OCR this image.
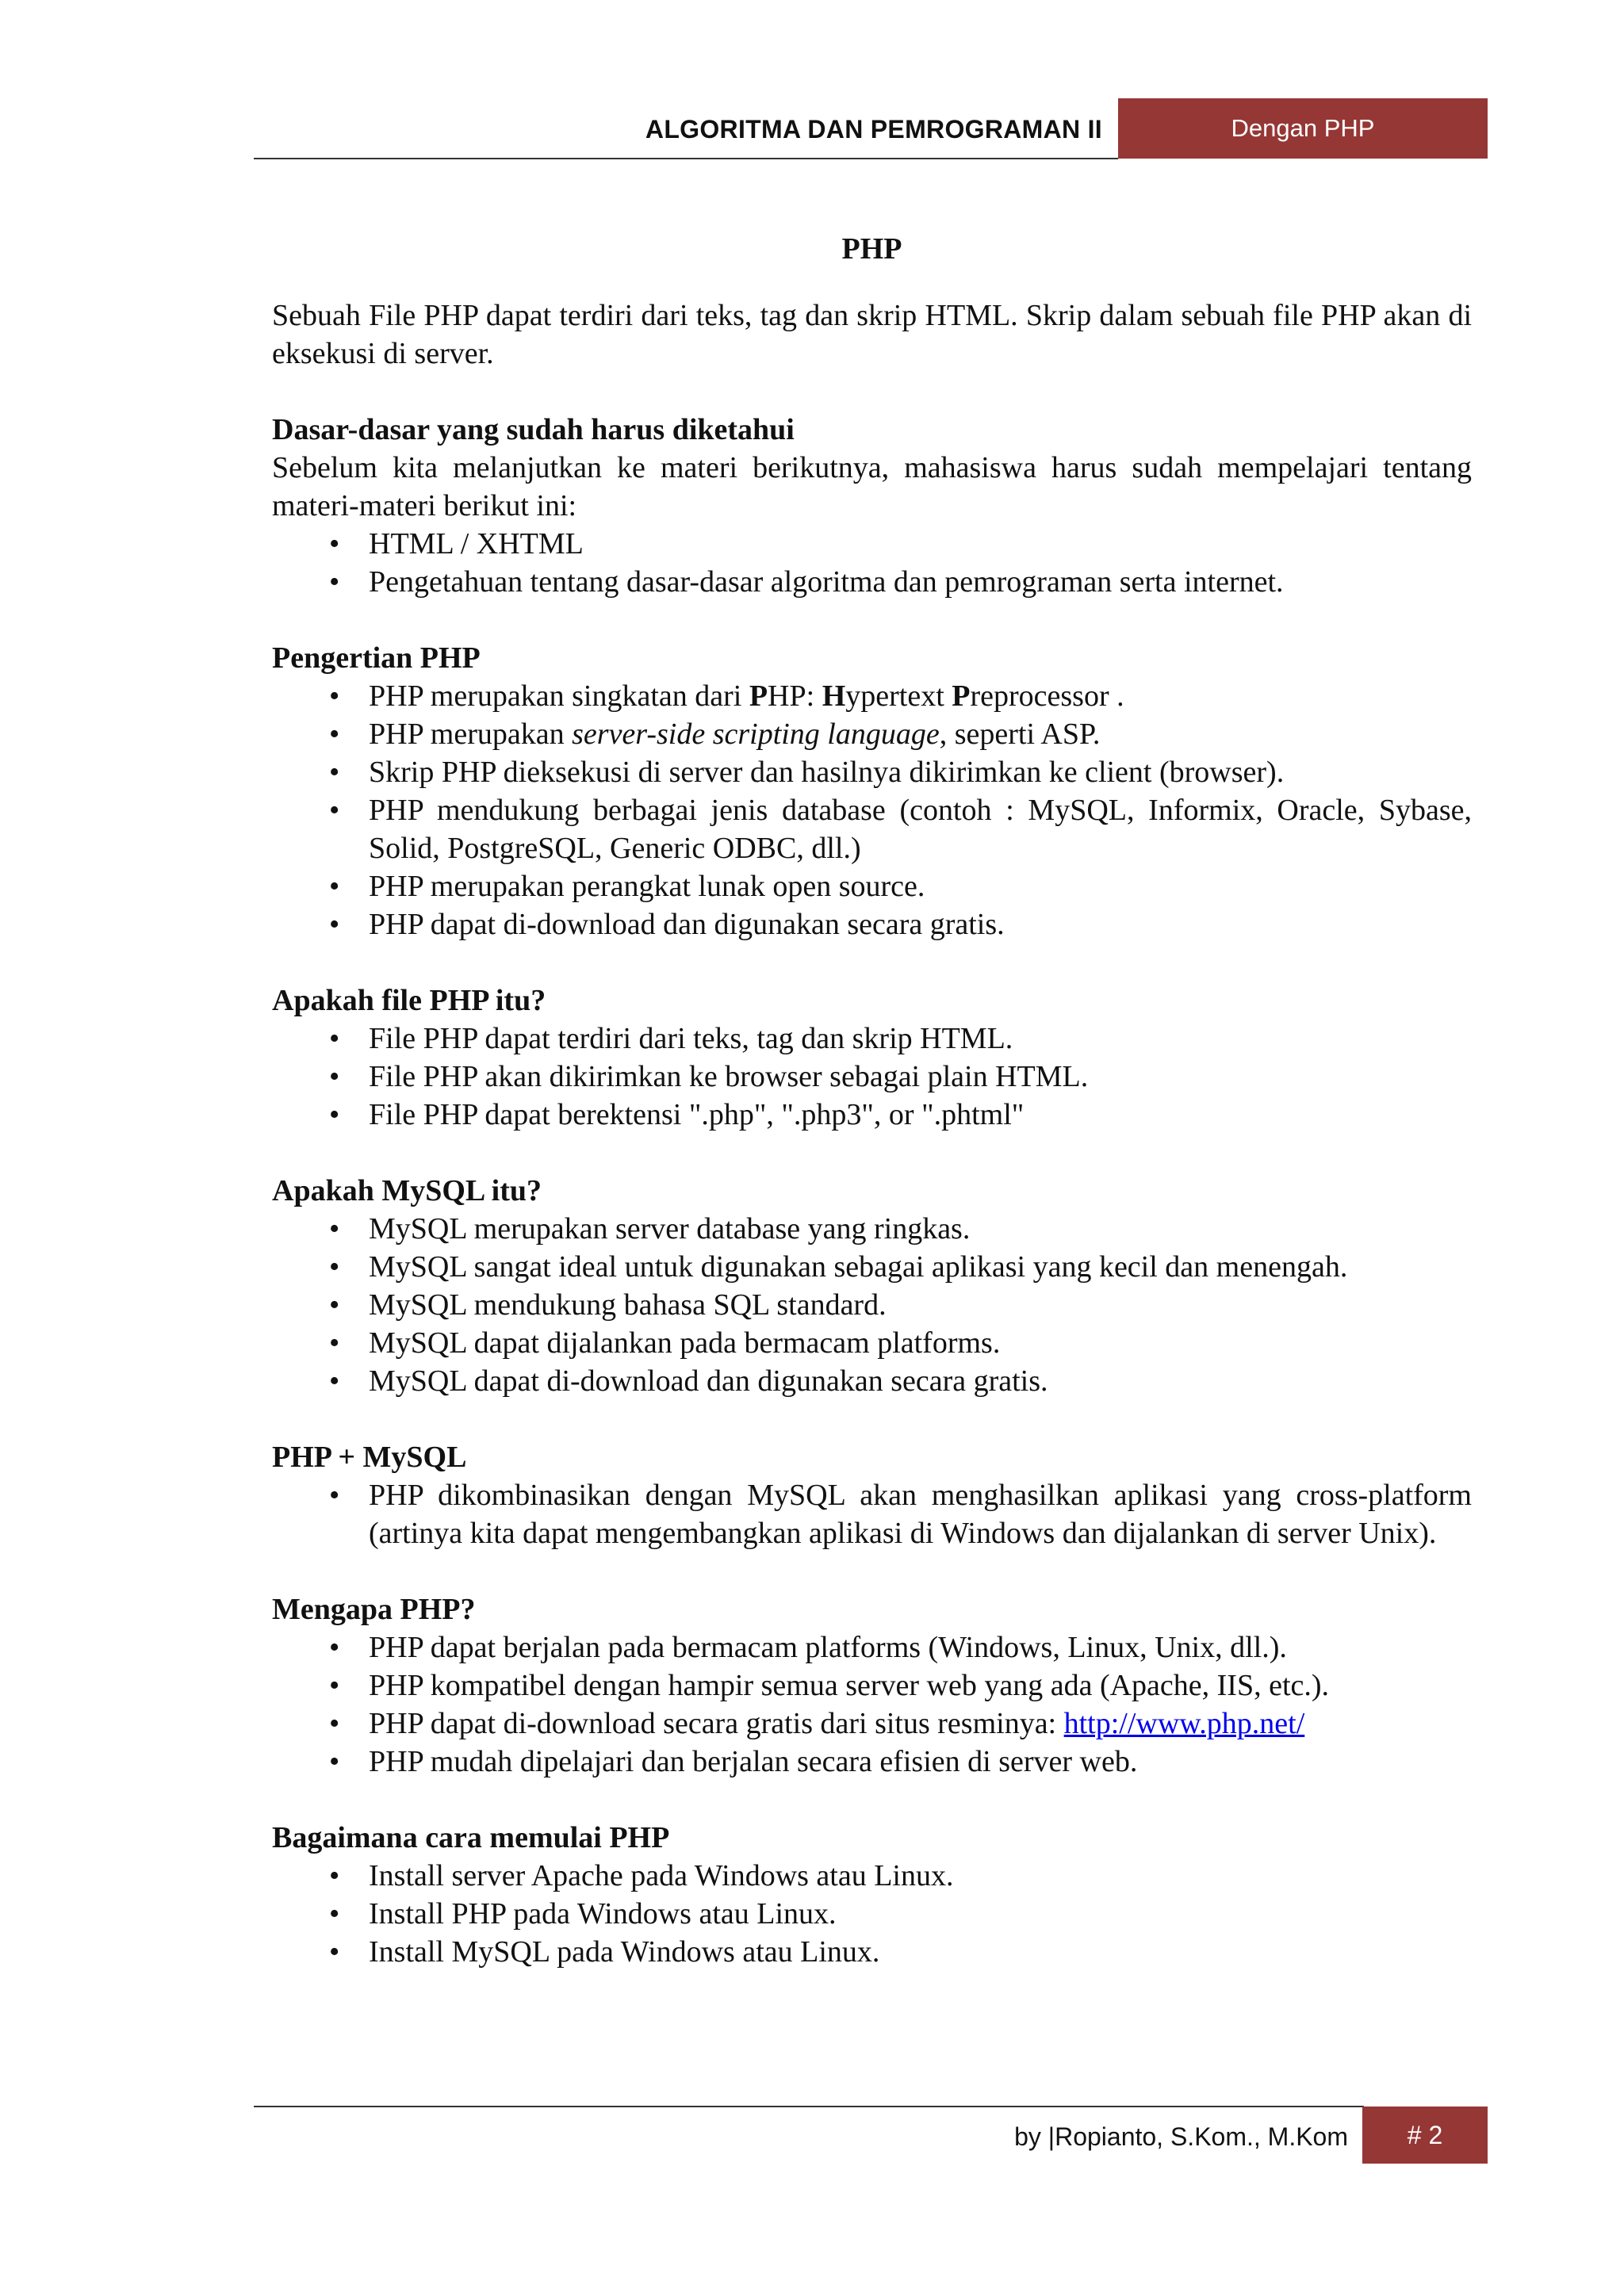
ALGORITMA DAN PEMROGRAMAN II	Dengan PHP
PHP

Sebuah File PHP dapat terdiri dari teks, tag dan skrip HTML. Skrip dalam sebuah file PHP akan di eksekusi di server.

Dasar-dasar yang sudah harus diketahui

Sebelum kita melanjutkan ke materi berikutnya, mahasiswa harus sudah mempelajari tentang materi-materi berikut ini:

• HTML / XHTML
• Pengetahuan tentang dasar-dasar algoritma dan pemrograman serta internet.
Pengertian PHP
• PHP merupakan singkatan dari PHP: Hypertext Preprocessor .
• PHP merupakan server-side scripting language, seperti ASP.
• Skrip PHP dieksekusi di server dan hasilnya dikirimkan ke client (browser).
• PHP mendukung berbagai jenis database (contoh : MySQL, Informix, Oracle, Sybase, Solid, PostgreSQL, Generic ODBC, dll.)
• PHP merupakan perangkat lunak open source.
• PHP dapat di-download dan digunakan secara gratis.
Apakah file PHP itu?
• File PHP dapat terdiri dari teks, tag dan skrip HTML.
• File PHP akan dikirimkan ke browser sebagai plain HTML.
• File PHP dapat berektensi ".php", ".php3", or ".phtml"
Apakah MySQL itu?
• MySQL merupakan server database yang ringkas.
• MySQL sangat ideal untuk digunakan sebagai aplikasi yang kecil dan menengah.
• MySQL mendukung bahasa SQL standard.
• MySQL dapat dijalankan pada bermacam platforms.
• MySQL dapat di-download dan digunakan secara gratis.
PHP + MySQL
• PHP dikombinasikan dengan MySQL akan menghasilkan aplikasi yang cross-platform (artinya kita dapat mengembangkan aplikasi di Windows dan dijalankan di server Unix).
Mengapa PHP?
• PHP dapat berjalan pada bermacam platforms (Windows, Linux, Unix, dll.).
• PHP kompatibel dengan hampir semua server web yang ada (Apache, IIS, etc.).
• PHP dapat di-download secara gratis dari situs resminya: http://www.php.net/
• PHP mudah dipelajari dan berjalan secara efisien di server web.
Bagaimana cara memulai PHP
• Install server Apache pada Windows atau Linux.
• Install PHP pada Windows atau Linux.
• Install MySQL pada Windows atau Linux.
by |Ropianto, S.Kom., M.Kom	# 2
